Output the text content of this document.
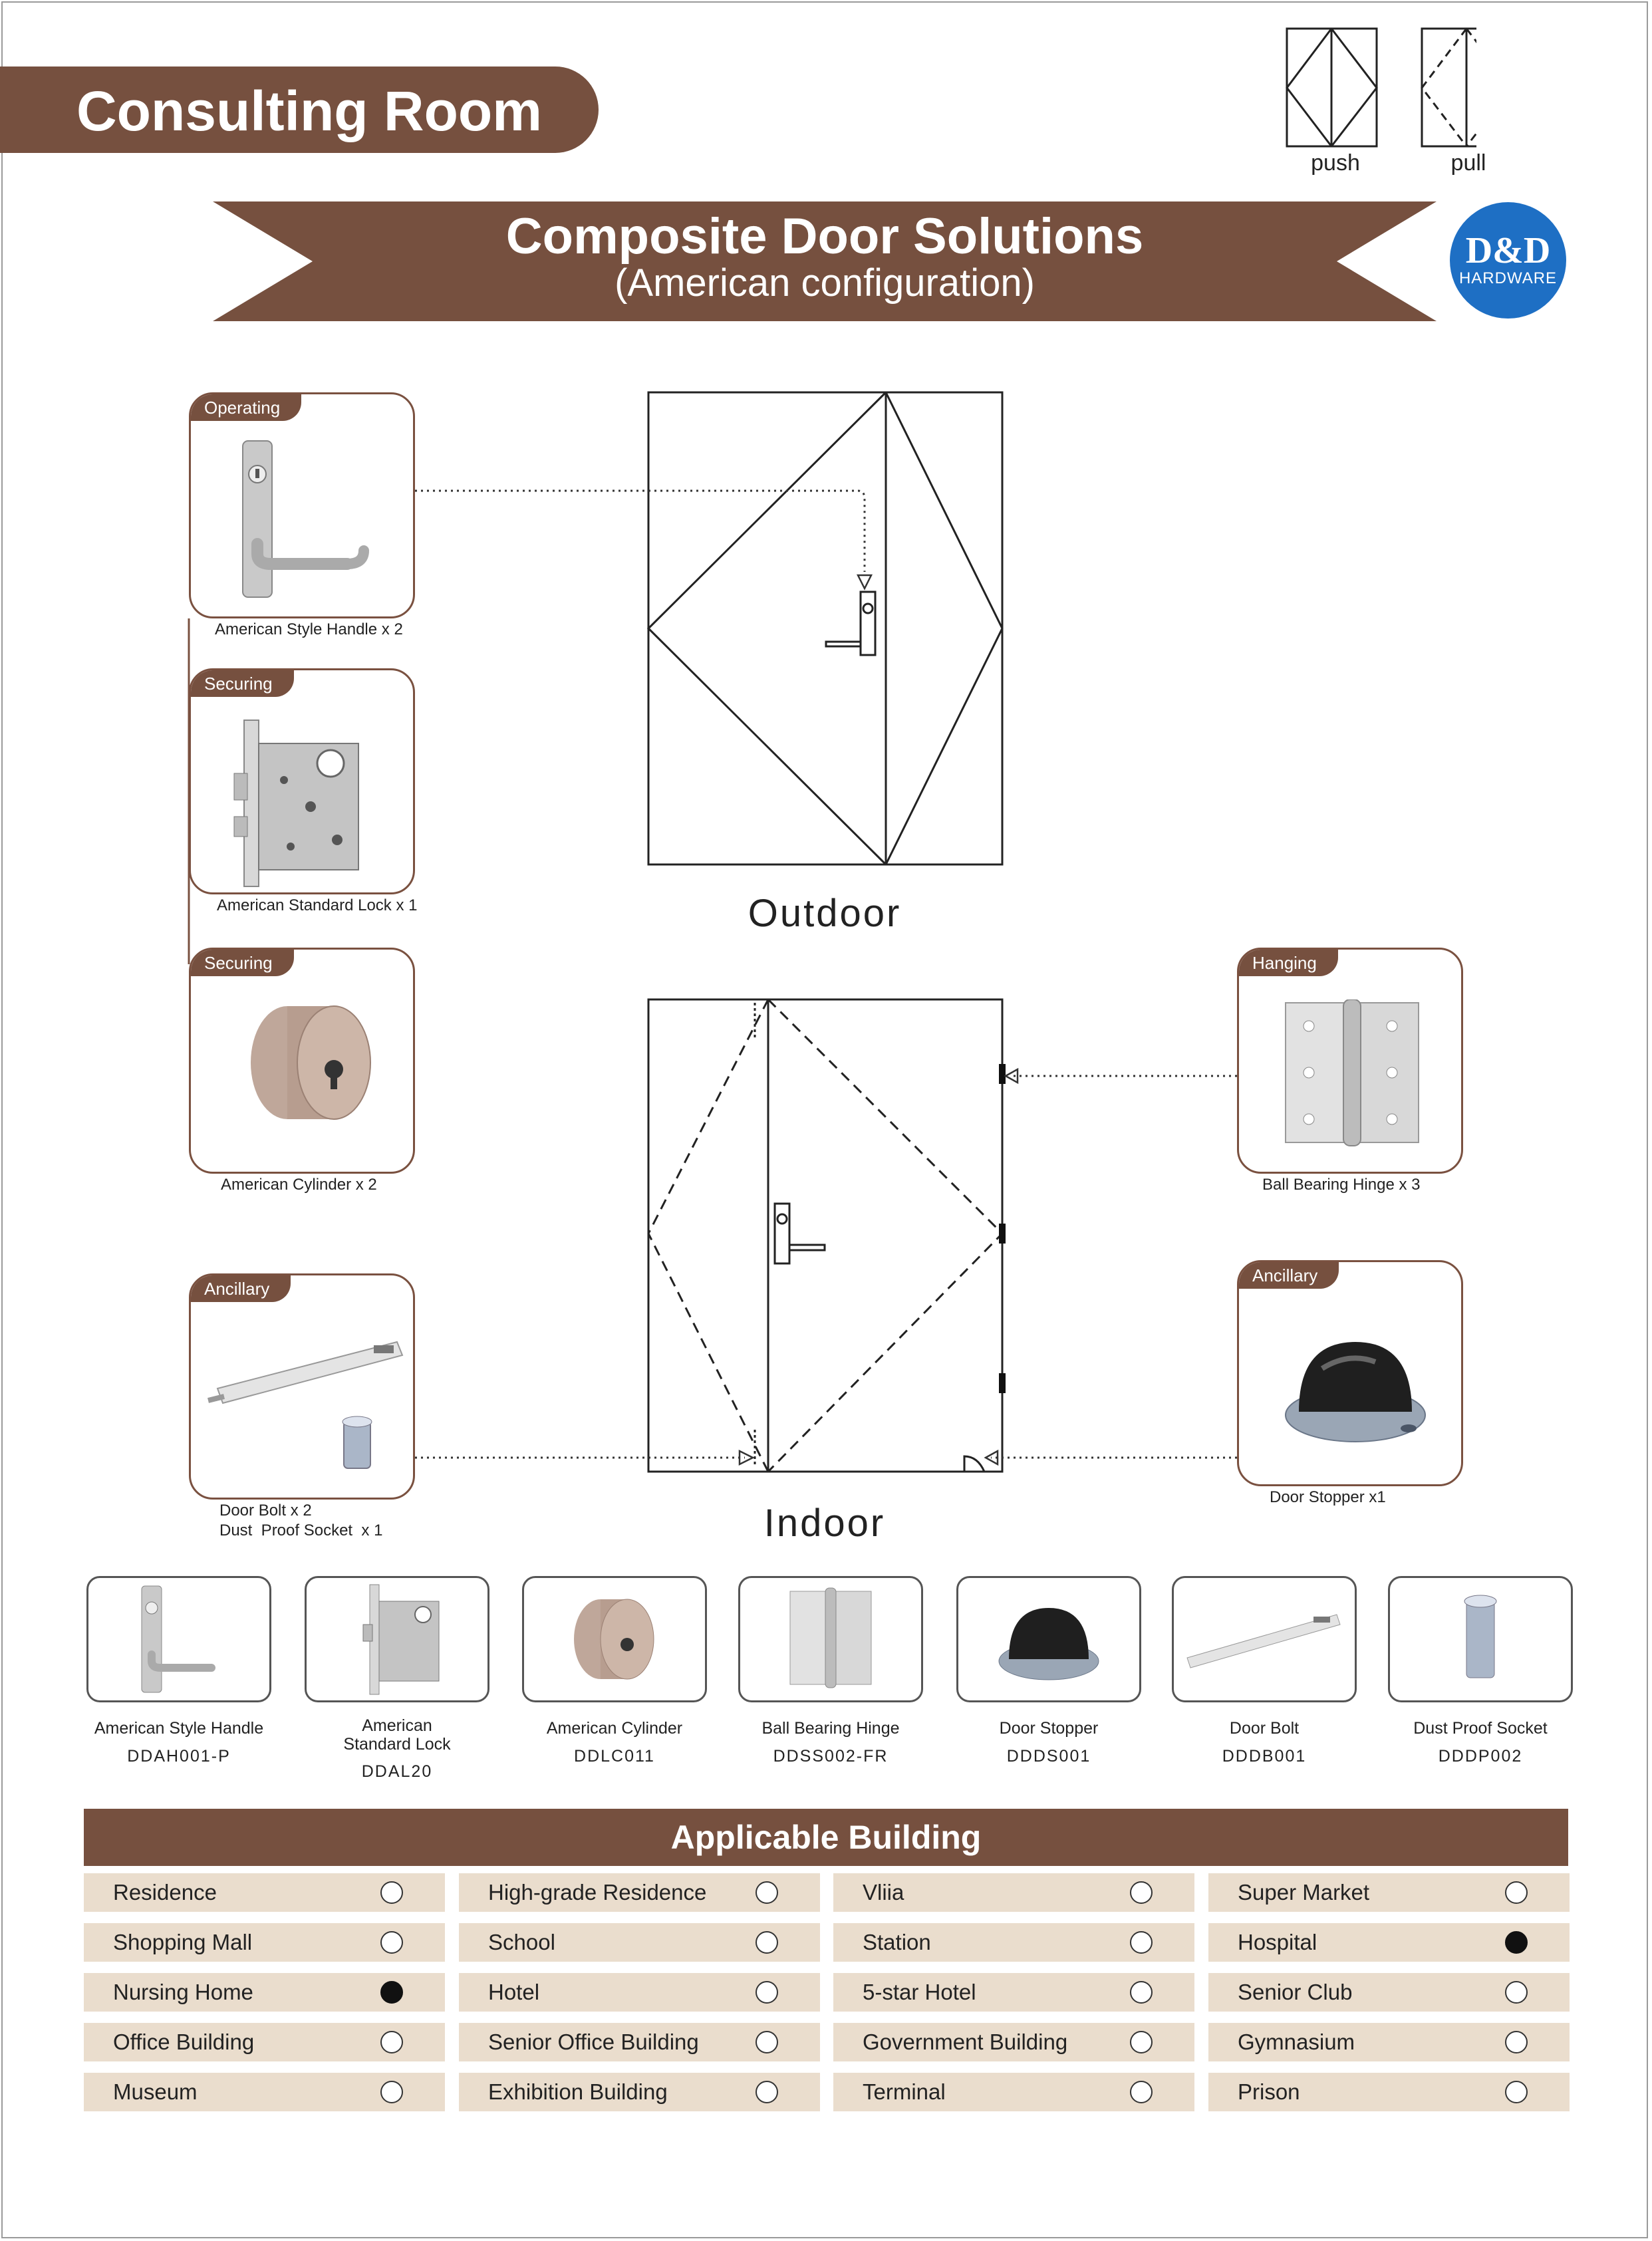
Consulting Room
push	pull
Composite Door Solutions
(American configuration)
D&D
HARDWARE
Operating
American Style Handle x 2
Securing
American Standard Lock x 1
Securing
American Cylinder x 2
Ancillary
Door Bolt x 2
Dust  Proof Socket  x 1
Hanging
Ball Bearing Hinge x 3
Ancillary
Door Stopper x1
Outdoor
Indoor
American Style Handle
DDAH001-P
American
Standard Lock
DDAL20
American Cylinder
DDLC011
Ball Bearing Hinge
DDSS002-FR
Door Stopper
DDDS001
Door Bolt
DDDB001
Dust Proof Socket
DDDP002
Applicable Building
Residence	High-grade Residence	Vliia	Super Market
Shopping Mall	School	Station	Hospital
Nursing Home	Hotel	5-star Hotel	Senior Club
Office Building	Senior Office Building	Government Building	Gymnasium
Museum	Exhibition Building	Terminal	Prison
